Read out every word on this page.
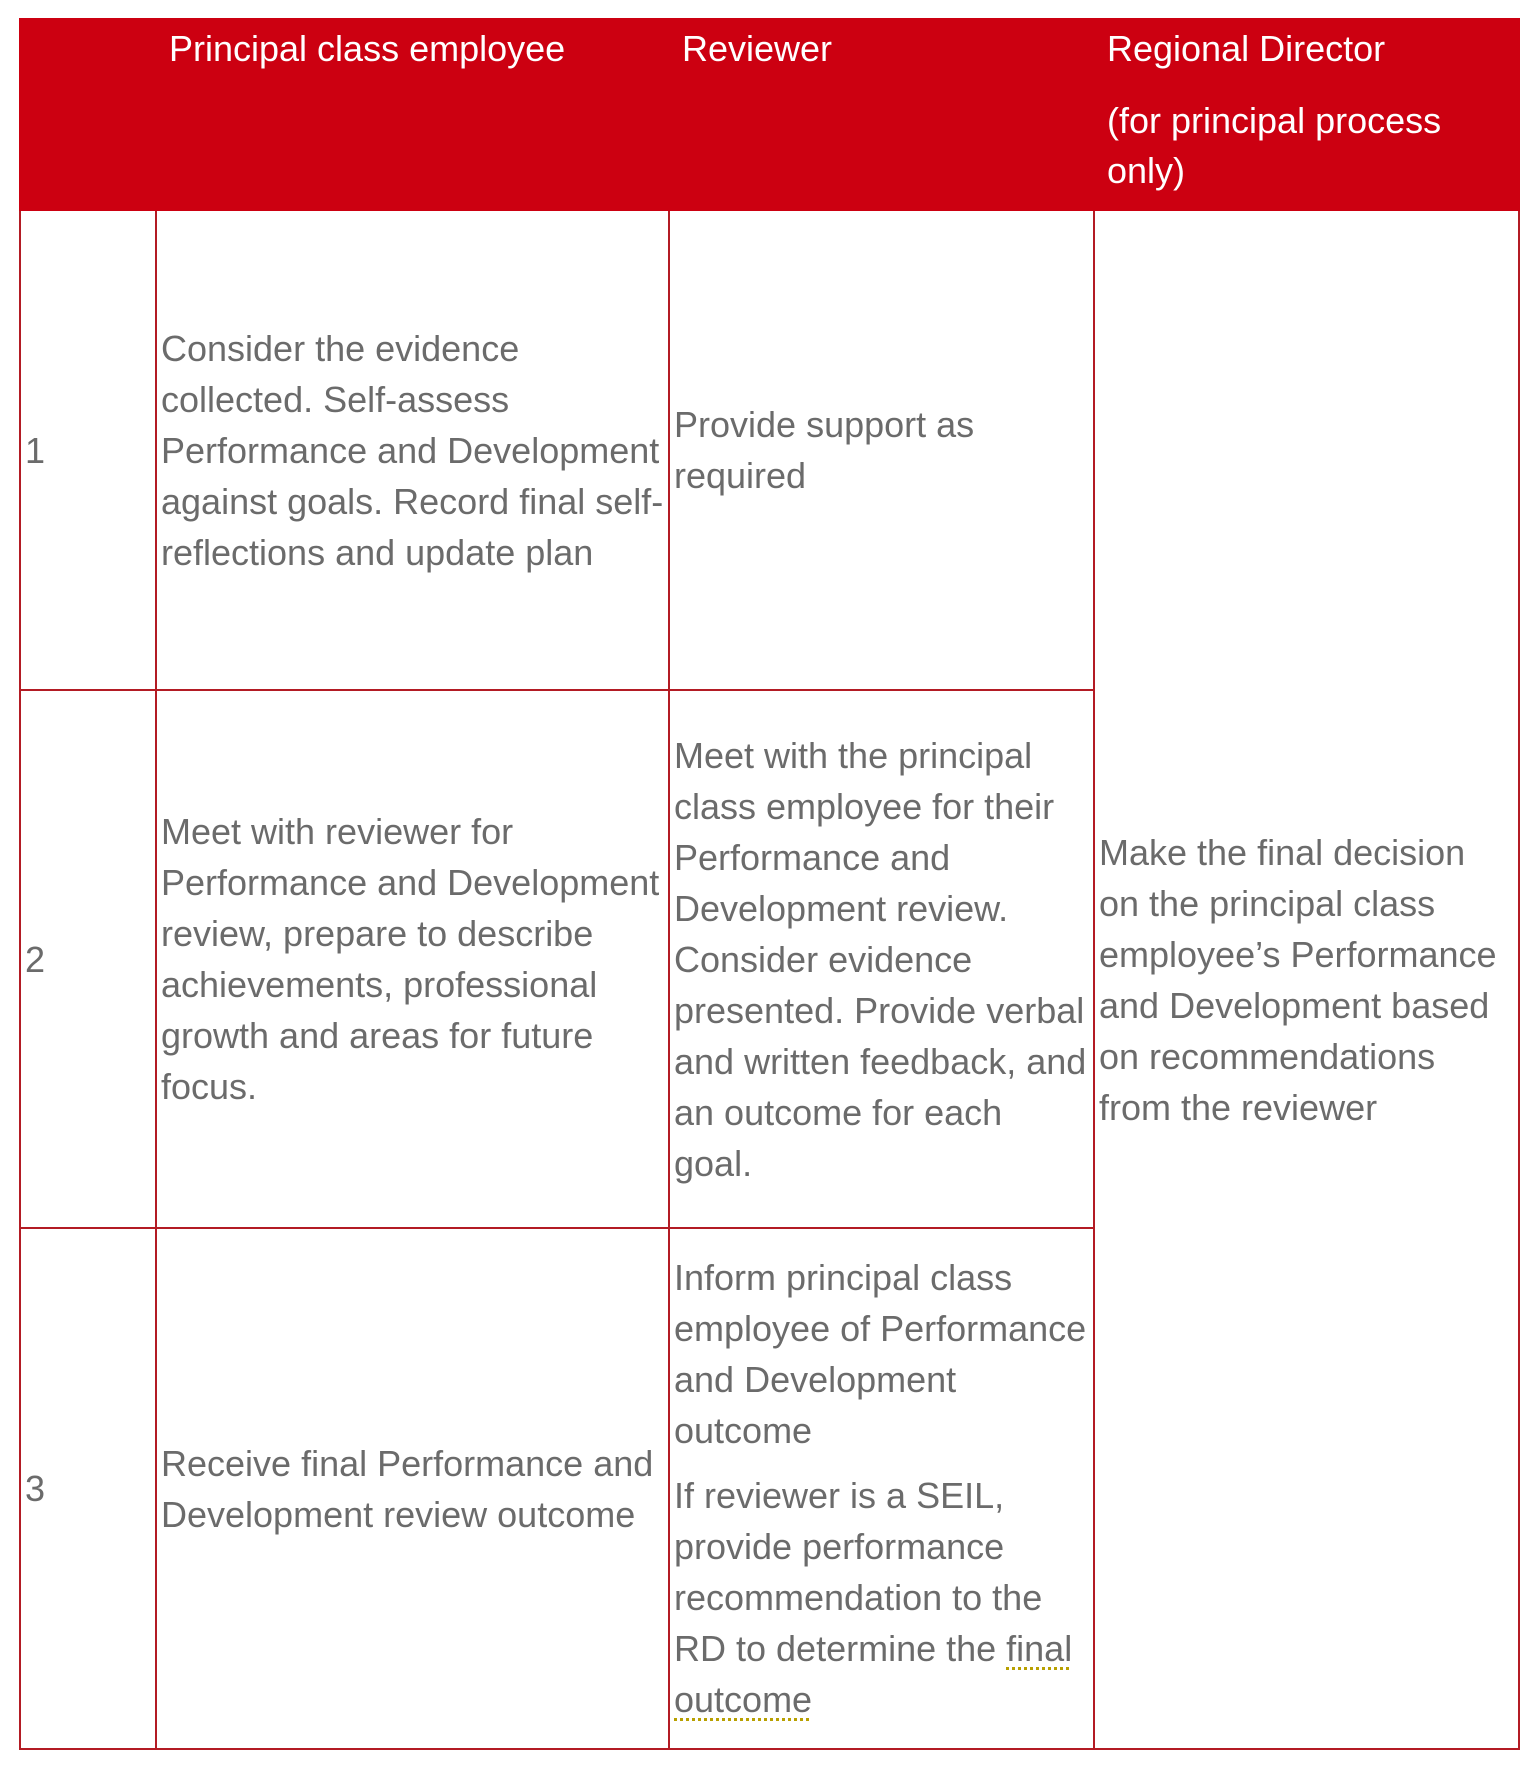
	Principal class employee	Reviewer	Regional Director
(for principal process only)

1	Consider the evidence collected. Self-assess Performance and Development against goals. Record final self-reflections and update plan	Provide support as required	Make the final decision on the principal class employee’s Performance and Development based on recommendations from the reviewer
2	Meet with reviewer for Performance and Development review, prepare to describe achievements, professional growth and areas for future focus.	Meet with the principal class employee for their Performance and Development review. Consider evidence presented. Provide verbal and written feedback, and an outcome for each goal.	
3	Receive final Performance and Development review outcome	Inform principal class employee of Performance and Development outcome
If reviewer is a SEIL, provide performance recommendation to the RD to determine the final outcome	
